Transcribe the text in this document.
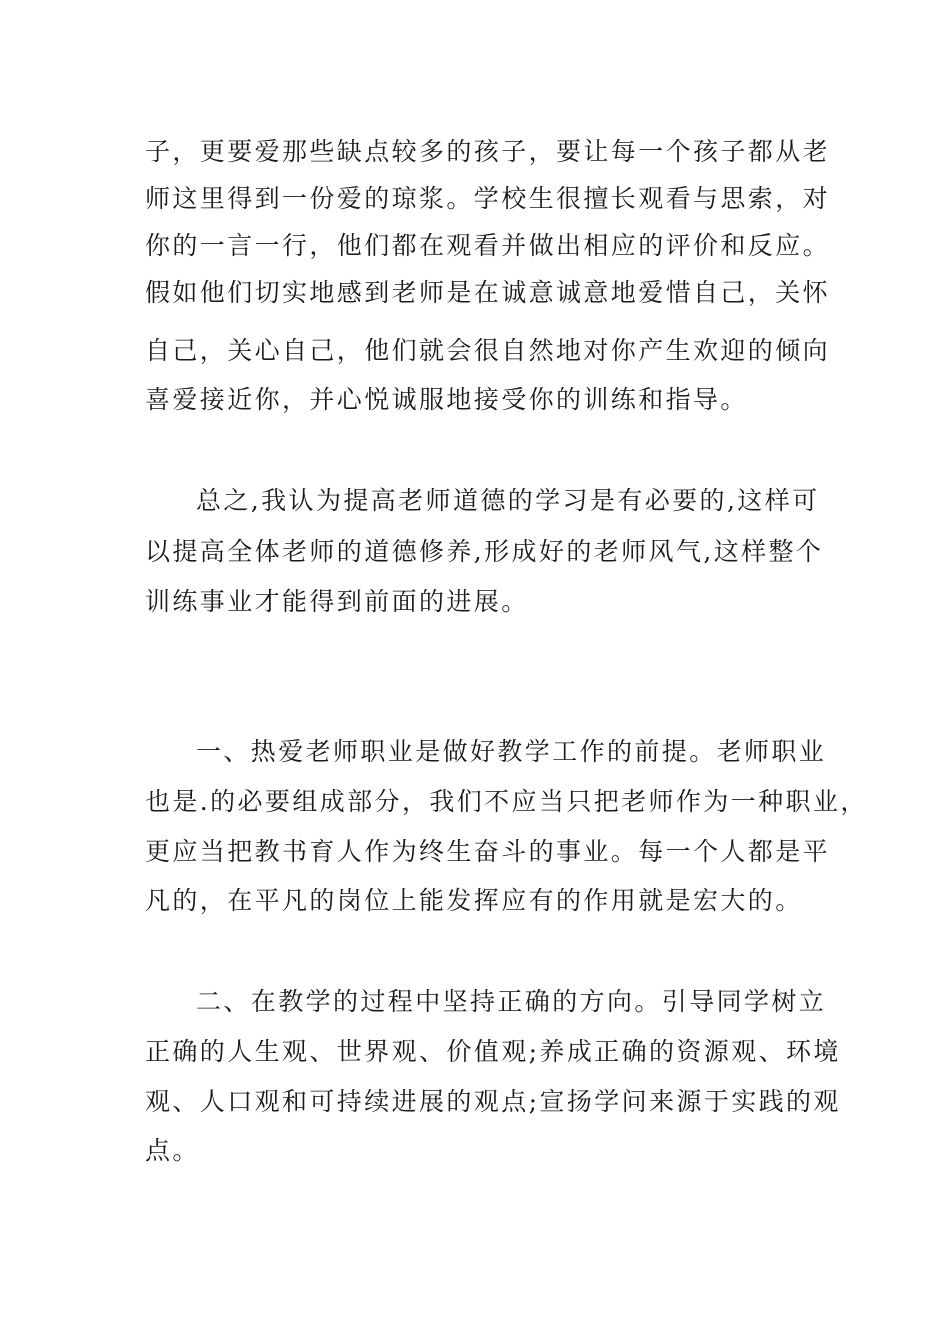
子，更要爱那些缺点较多的孩子，要让每一个孩子都从老
师这里得到一份爱的琼浆。学校生很擅长观看与思索，对
你的一言一行，他们都在观看并做出相应的评价和反应。
假如他们切实地感到老师是在诚意诚意地爱惜自己，关怀
自己，关心自己，他们就会很自然地对你产生欢迎的倾向
喜爱接近你，并心悦诚服地接受你的训练和指导。
总之,我认为提高老师道德的学习是有必要的,这样可
以提高全体老师的道德修养,形成好的老师风气,这样整个
训练事业才能得到前面的进展。
一、热爱老师职业是做好教学工作的前提。老师职业
也是.的必要组成部分，我们不应当只把老师作为一种职业，
更应当把教书育人作为终生奋斗的事业。每一个人都是平
凡的，在平凡的岗位上能发挥应有的作用就是宏大的。
二、在教学的过程中坚持正确的方向。引导同学树立
正确的人生观、世界观、价值观;养成正确的资源观、环境
观、人口观和可持续进展的观点;宣扬学问来源于实践的观
点。
